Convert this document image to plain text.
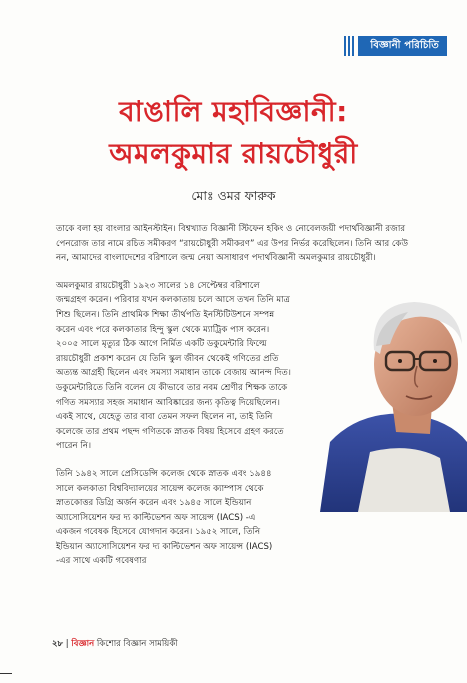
বিজ্ঞানী পরিচিতি
বাঙালি মহাবিজ্ঞানী:
অমলকুমার রায়চৌধুরী
মোঃ ওমর ফারুক

তাকে বলা হয় বাংলার আইনস্টাইন। বিশ্বখ্যাত বিজ্ঞানী স্টিফেন হকিং ও নোবেলজয়ী পদার্থবিজ্ঞানী রজার পেনরোজ তার নামে রচিত সমীকরণ “রায়চৌধুরী সমীকরণ” এর উপর নির্ভর করেছিলেন। তিনি আর কেউ নন, আমাদের বাংলাদেশের বরিশালে জন্ম নেয়া অসাধারণ পদার্থবিজ্ঞানী অমলকুমার রায়চৌধুরী।

অমলকুমার রায়চৌধুরী ১৯২৩ সালের ১৪ সেপ্টেম্বর বরিশালে জন্মগ্রহণ করেন। পরিবার যখন কলকাতায় চলে আসে তখন তিনি মাত্র শিশু ছিলেন। তিনি প্রাথমিক শিক্ষা তীর্থপতি ইনস্টিটিউশনে সম্পন্ন করেন এবং পরে কলকাতার হিন্দু স্কুল থেকে ম্যাট্রিক পাস করেন। ২০০৫ সালে মৃত্যুর ঠিক আগে নির্মিত একটি ডকুমেন্টারি ফিল্মে রায়চৌধুরী প্রকাশ করেন যে তিনি স্কুল জীবন থেকেই গণিতের প্রতি অত্যন্ত আগ্রহী ছিলেন এবং সমস্যা সমাধান তাকে বেজায় আনন্দ দিত। ডকুমেন্টারিতে তিনি বলেন যে কীভাবে তার নবম শ্রেণীর শিক্ষক তাকে গণিত সমস্যার সহজ সমাধান আবিষ্কারের জন্য কৃতিত্ব দিয়েছিলেন। একই সাথে, যেহেতু তার বাবা তেমন সফল ছিলেন না, তাই তিনি কলেজে তার প্রথম পছন্দ গণিতকে স্নাতক বিষয় হিসেবে গ্রহণ করতে পারেন নি।

তিনি ১৯৪২ সালে প্রেসিডেন্সি কলেজ থেকে স্নাতক এবং ১৯৪৪ সালে কলকাতা বিশ্ববিদ্যালয়ের সায়েন্স কলেজ ক্যাম্পাস থেকে স্নাতকোত্তর ডিগ্রি অর্জন করেন এবং ১৯৪৫ সালে ইন্ডিয়ান অ্যাসোসিয়েশন ফর দ্য কাল্টিভেশন অফ সায়েন্স (IACS) -এ একজন গবেষক হিসেবে যোগদান করেন। ১৯৫২ সালে, তিনি ইন্ডিয়ান অ্যাসোসিয়েশন ফর দ্য কাল্টিভেশন অফ সায়েন্স (IACS) -এর সাথে একটি গবেষণার

২৮ | বিজ্ঞান কিশোর বিজ্ঞান সাময়িকী
